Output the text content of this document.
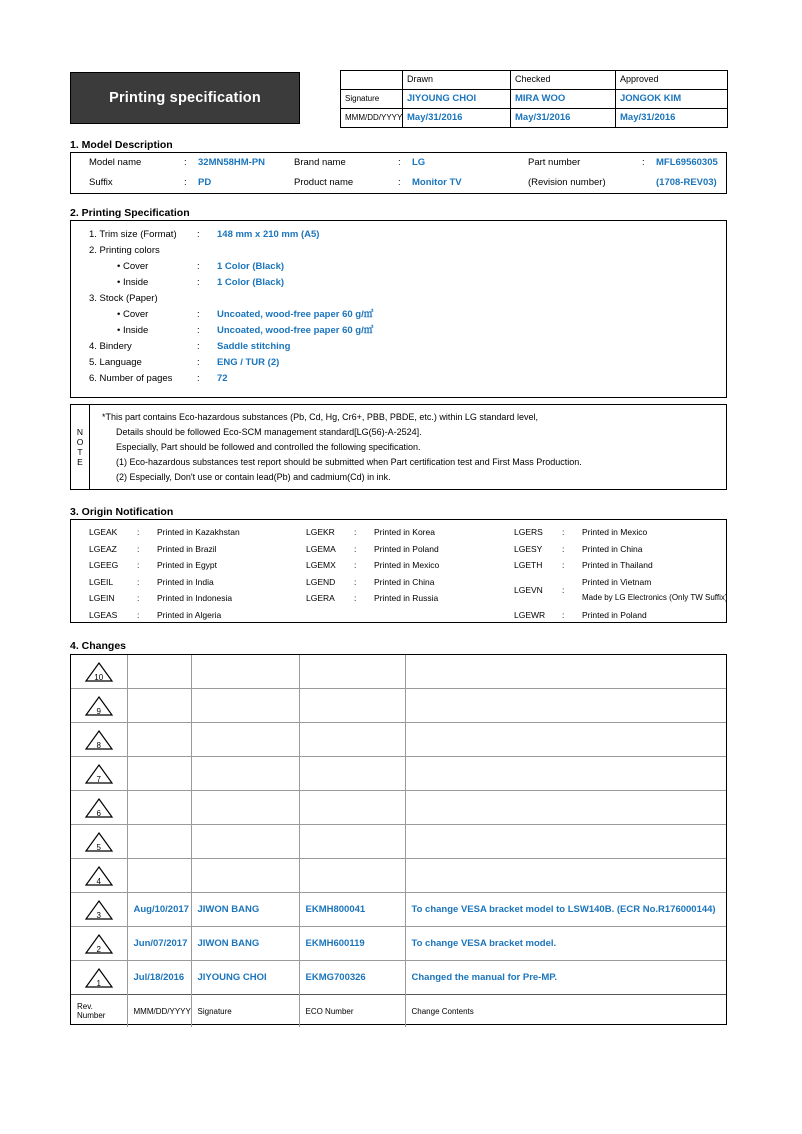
Printing specification
	Drawn	Checked	Approved
Signature	JIYOUNG CHOI	MIRA WOO	JONGOK KIM
MMM/DD/YYYY	May/31/2016	May/31/2016	May/31/2016
1. Model Description
Model name	:	32MN58HM-PN	Brand name	:	LG	Part number	:	MFL69560305
Suffix	:	PD	Product name	:	Monitor TV	(Revision number)		(1708-REV03)
2. Printing Specification
1. Trim size (Format)	:	148 mm x 210 mm (A5)
2. Printing colors
• Cover	:	1 Color (Black)
• Inside	:	1 Color (Black)
3. Stock (Paper)
• Cover	:	Uncoated, wood-free paper 60 g/㎡
• Inside	:	Uncoated, wood-free paper 60 g/㎡
4. Bindery	:	Saddle stitching
5. Language	:	ENG / TUR (2)
6. Number of pages	:	72
N
O
T
E
*This part contains Eco-hazardous substances (Pb, Cd, Hg, Cr6+, PBB, PBDE, etc.) within LG standard level,
Details should be followed Eco-SCM management standard[LG(56)-A-2524].
Especially, Part should be followed and controlled the following specification.
(1) Eco-hazardous substances test report should be submitted when Part certification test and First Mass Production.
(2) Especially, Don't use or contain lead(Pb) and cadmium(Cd) in ink.
3. Origin Notification
LGEAK	:	Printed in Kazakhstan
LGEAZ	:	Printed in Brazil
LGEEG	:	Printed in Egypt
LGEIL	:	Printed in India
LGEIN	:	Printed in Indonesia
LGEAS	:	Printed in Algeria
LGEKR	:	Printed in Korea
LGEMA	:	Printed in Poland
LGEMX	:	Printed in Mexico
LGEND	:	Printed in China
LGERA	:	Printed in Russia
LGERS	:	Printed in Mexico
LGESY	:	Printed in China
LGETH	:	Printed in Thailand
LGEVN	:
Printed in Vietnam
Made by LG Electronics (Only TW Suffix)
LGEWR	:	Printed in Poland
4. Changes
10				

9				

8				

7				

6				

5				

4				

3	Aug/10/2017	JIWON BANG	EKMH800041	To change VESA bracket model to LSW140B. (ECR No.R176000144)

2	Jun/07/2017	JIWON BANG	EKMH600119	To change VESA bracket model.

1	Jul/18/2016	JIYOUNG CHOI	EKMG700326	Changed the manual for Pre-MP.
Rev. Number	MMM/DD/YYYY	Signature	ECO Number	Change Contents
